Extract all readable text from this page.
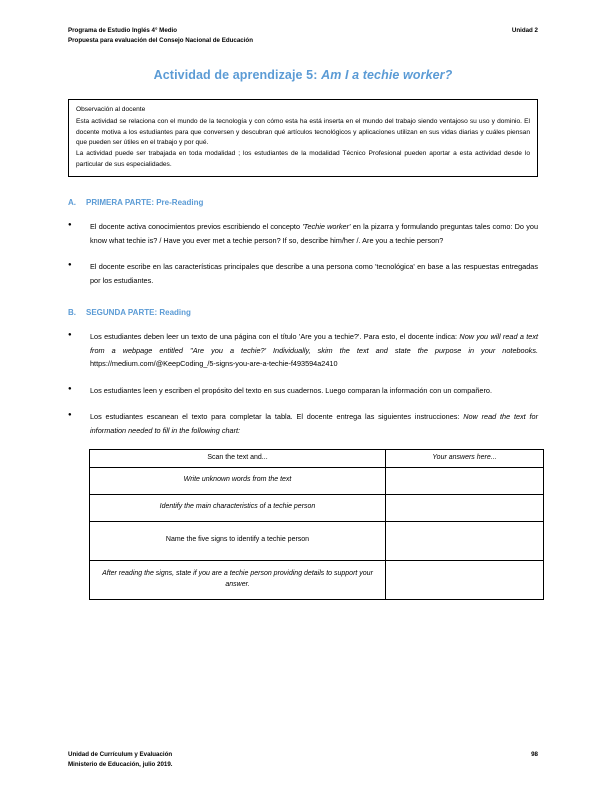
Programa de Estudio Inglés 4° Medio
Propuesta para evaluación del Consejo Nacional de Educación
Unidad 2
Actividad de aprendizaje 5: Am I a techie worker?
Observación al docente

Esta actividad se relaciona con el mundo de la tecnología y con cómo esta ha está inserta en el mundo del trabajo siendo ventajoso su uso y dominio. El docente motiva a los estudiantes para que conversen y descubran qué artículos tecnológicos y aplicaciones utilizan en sus vidas diarias y cuáles piensan que pueden ser útiles en el trabajo y por qué.

La actividad puede ser trabajada en toda modalidad ; los estudiantes de la modalidad Técnico Profesional pueden aportar a esta actividad desde lo particular de sus especialidades.

A. PRIMERA PARTE: Pre-Reading
●	El docente activa conocimientos previos escribiendo el concepto 'Techie worker' en la pizarra y formulando preguntas tales como: Do you know what techie is? / Have you ever met a techie person? If so, describe him/her /. Are you a techie person?
●	El docente escribe en las características principales que describe a una persona como 'tecnológica' en base a las respuestas entregadas por los estudiantes.
B. SEGUNDA PARTE: Reading
●	Los estudiantes deben leer un texto de una página con el título 'Are you a techie?'. Para esto, el docente indica: Now you will read a text from a webpage entitled ''Are you a techie?' Individually, skim the text and state the purpose in your notebooks. https://medium.com/@KeepCoding_/5-signs-you-are-a-techie-f493594a2410
●	Los estudiantes leen y escriben el propósito del texto en sus cuadernos. Luego comparan la información con un compañero.
●	Los estudiantes escanean el texto para completar la tabla. El docente entrega las siguientes instrucciones: Now read the text for information needed to fill in the following chart:
Scan the text and...	Your answers here...
Write unknown words from the text	
Identify the main characteristics of a techie person	
Name the five signs to identify a techie person	
After reading the signs, state if you are a techie person providing details to support your answer.	
Unidad de Currículum y Evaluación
Ministerio de Educación, julio 2019.
98
